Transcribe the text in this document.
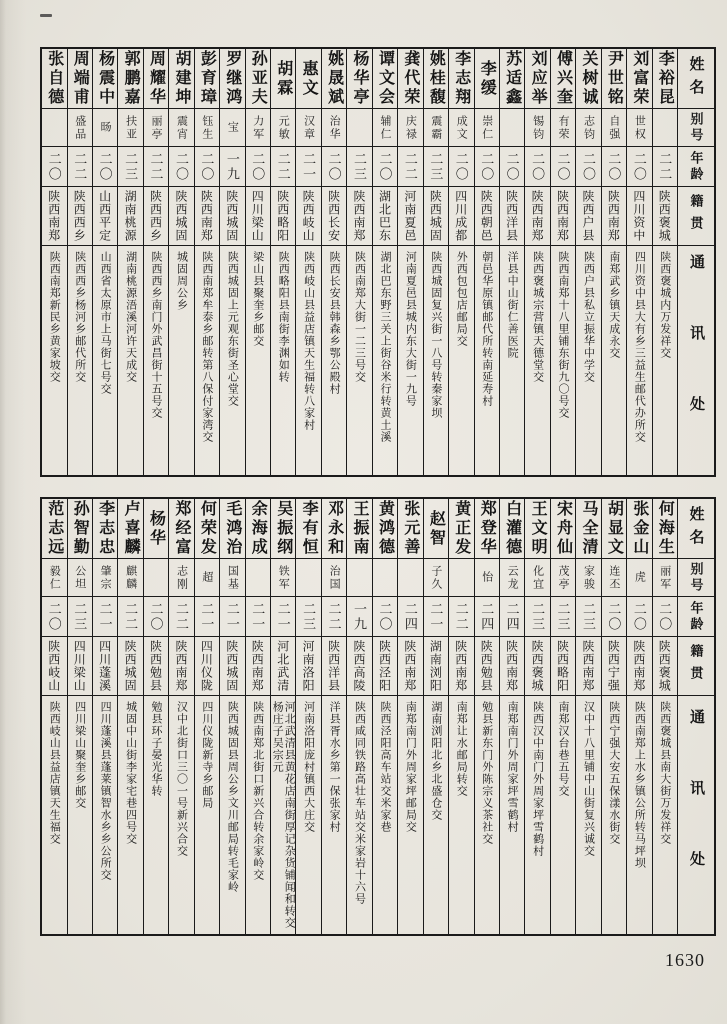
姓名
别号
年龄
籍贯
通讯处
李裕昆
二二
陕西褒城
陕西褒城内万发祥交
刘富荣
世权
二〇
四川资中
四川资中县大有乡三益生邮代办所交
尹世铭
自强
二〇
陕西南郑
南郑武乡镇天成永交
关树诚
志钧
二〇
陕西户县
陕西户县私立振华中学交
傅兴奎
有荣
二〇
陕西南郑
陕西南郑十八里铺东街九〇号交
刘应举
锡钧
二〇
陕西南郑
陕西褒城宗营镇天德堂交
苏适鑫
二〇
陕西洋县
洋县中山街仁善医院
李缓
崇仁
二〇
陕西朝邑
朝邑华原镇邮代所转南延寿村
李志翔
成文
二〇
四川成都
外西包包店邮局交
姚桂馥
震霸
二三
陕西城固
陕西城固复兴街一八号转秦家坝
龚代荣
庆禄
二二
河南夏邑
河南夏邑县城内东大街一九号
谭文会
辅仁
二〇
湖北巴东
湖北巴东野三关上街谷米行转黄土溪
杨华亭
二三
陕西南郑
陕西南郑大街一二三号交
姚晟斌
治华
二〇
陕西长安
陕西长安县韩森乡鄂公殿村
惠文
汉章
二一
陕西岐山
陕西岐山县益店镇天生福转八家村
胡霖
元敏
二二
陕西略阳
陕西略阳县南街李渊如转
孙亚夫
力军
二〇
四川梁山
梁山县聚奎乡邮交
罗继鸿
宝
一九
陕西城固
陕西城固上元观东街圣心堂交
彭育璋
钰生
二〇
陕西南郑
陕西南郑牟泰乡邮转第八保付家湾交
胡建坤
震宵
二〇
陕西城固
城固周公乡
周耀华
丽亭
二二
陕西西乡
陕西西乡南门外武昌街十五号交
郭鹏嘉
扶亚
二三
湖南桃源
湖南桃源浯溪河许天成交
杨震中
旸
二〇
山西平定
山西省太原市上马街七号交
周端甫
盛品
二二
陕西西乡
陕西西乡杨河乡邮代所交
张自德
二〇
陕西南郑
陕西南郑新民乡黄家坡交
姓名
别号
年龄
籍贯
通讯处
何海生
丽军
二〇
陕西褒城
陕西褒城县南大街万发祥交
张金山
虎
二〇
陕西南郑
陕西南郑上水乡镇公所转马坪坝
胡显文
连丕
二〇
陕西宁强
陕西宁强大安五保漾水街交
马全清
家骏
二三
陕西南郑
汉中十八里铺中山街复兴诚交
宋舟仙
茂亭
二三
陕西略阳
南郑汉台巷五号交
王文明
化宜
二三
陕西褒城
陕西汉中南门外周家坪雪鹤村
白灌德
云龙
二四
陕西南郑
南郑南门外周家坪雪鹤村
郑登华
怡
二四
陕西勉县
勉县新东门外陈宗义茶社交
黄正发
二二
陕西南郑
南郑让水邮局转交
赵智
子久
二一
湖南浏阳
湖南浏阳北乡北盛仓交
张元善
二四
陕西南郑
南郑南门外周家坪邮局交
黄鸿德
二〇
陕西泾阳
陕西泾阳高车站交米家巷
王振南
一九
陕西高陵
陕西咸同铁路高壮车站交米家岩十六号
邓永和
治国
二二
陕西洋县
洋县胥水乡第一保张家村
李有恒
二三
河南洛阳
河南洛阳庞村镇西大庄交
吴振纲
铁军
二一
河北武清
河北武清县黄花店南街厚记杂货铺闻和转交杨庄子吴宗元
余海成
二一
陕西南郑
陕西南郑北街口新兴合转余家岭交
毛鸿治
国基
二一
陕西城固
陕西城固县周公乡文川邮局转毛家岭
何荣发
超
二一
四川仪陇
四川仪陇新寺乡邮局
郑经富
志刚
二二
陕西南郑
汉中北街口三〇一号新兴合交
杨华
二〇
陕西勉县
勉县环子晏光华转
卢喜麟
麒麟
二二
陕西城固
城固中山街李家宅巷四号交
李志忠
肇宗
二一
四川蓬溪
四川蓬溪县蓬莱镇智水乡乡公所交
孙智勤
公坦
二三
四川梁山
四川梁山聚奎乡邮交
范志远
毅仁
二〇
陕西岐山
陕西岐山县益店镇天生福交
1630
